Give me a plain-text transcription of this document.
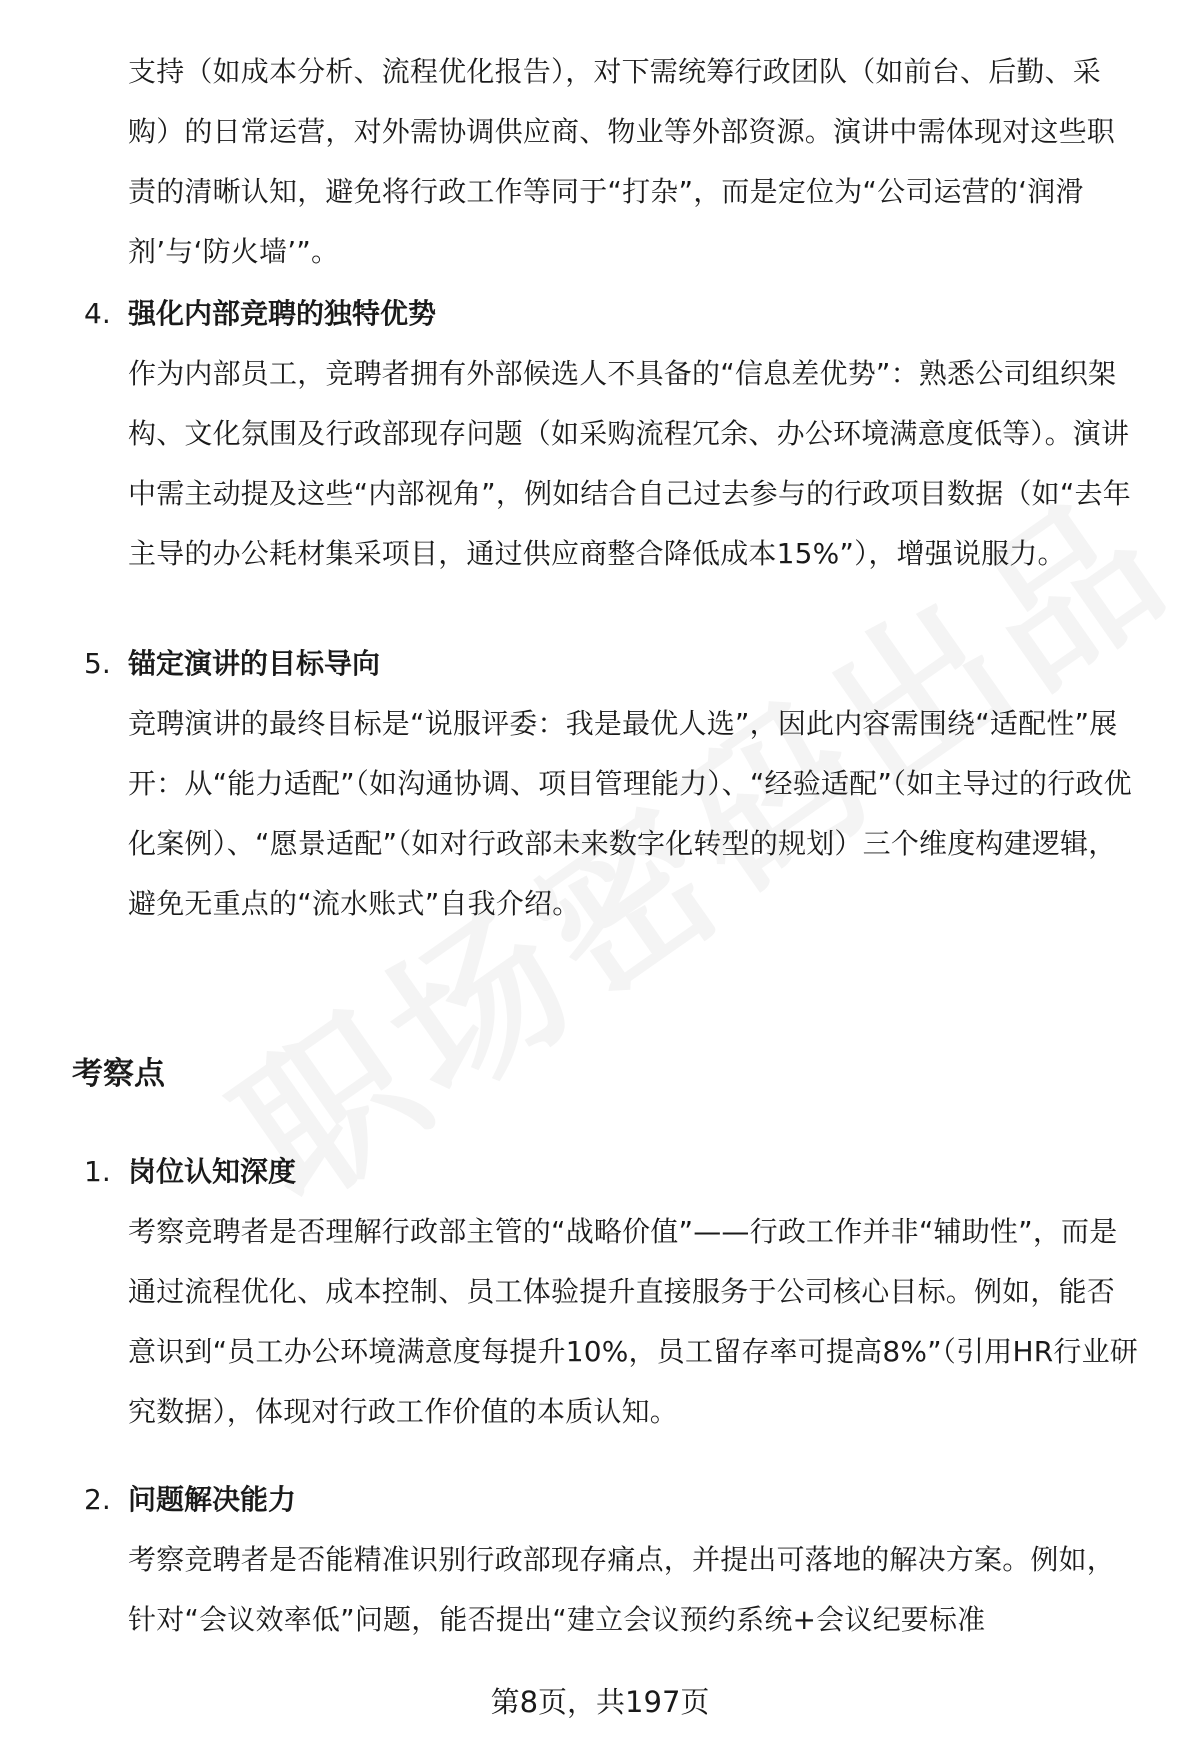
支持（如成本分析、流程优化报告），对下需统筹行政团队（如前台、后勤、采购）的日常运营，对外需协调供应商、物业等外部资源。演讲中需体现对这些职责的清晰认知，避免将行政工作等同于“打杂”，而是定位为“公司运营的‘润滑剂’与‘防火墙’”。

4. 强化内部竞聘的独特优势

作为内部员工，竞聘者拥有外部候选人不具备的“信息差优势”：熟悉公司组织架构、文化氛围及行政部现存问题（如采购流程冗余、办公环境满意度低等）。演讲中需主动提及这些“内部视角”，例如结合自己过去参与的行政项目数据（如“去年主导的办公耗材集采项目，通过供应商整合降低成本15%”），增强说服力。

5. 锚定演讲的目标导向

竞聘演讲的最终目标是“说服评委：我是最优人选”，因此内容需围绕“适配性”展开：从“能力适配”（如沟通协调、项目管理能力）、“经验适配”（如主导过的行政优化案例）、“愿景适配”（如对行政部未来数字化转型的规划）三个维度构建逻辑，避免无重点的“流水账式”自我介绍。

考察点
1. 岗位认知深度

考察竞聘者是否理解行政部主管的“战略价值”——行政工作并非“辅助性”，而是通过流程优化、成本控制、员工体验提升直接服务于公司核心目标。例如，能否意识到“员工办公环境满意度每提升10%，员工留存率可提高8%”（引用HR行业研究数据），体现对行政工作价值的本质认知。

2. 问题解决能力

考察竞聘者是否能精准识别行政部现存痛点，并提出可落地的解决方案。例如，针对“会议效率低”问题，能否提出“建立会议预约系统+会议纪要标准

第8页，共197页
